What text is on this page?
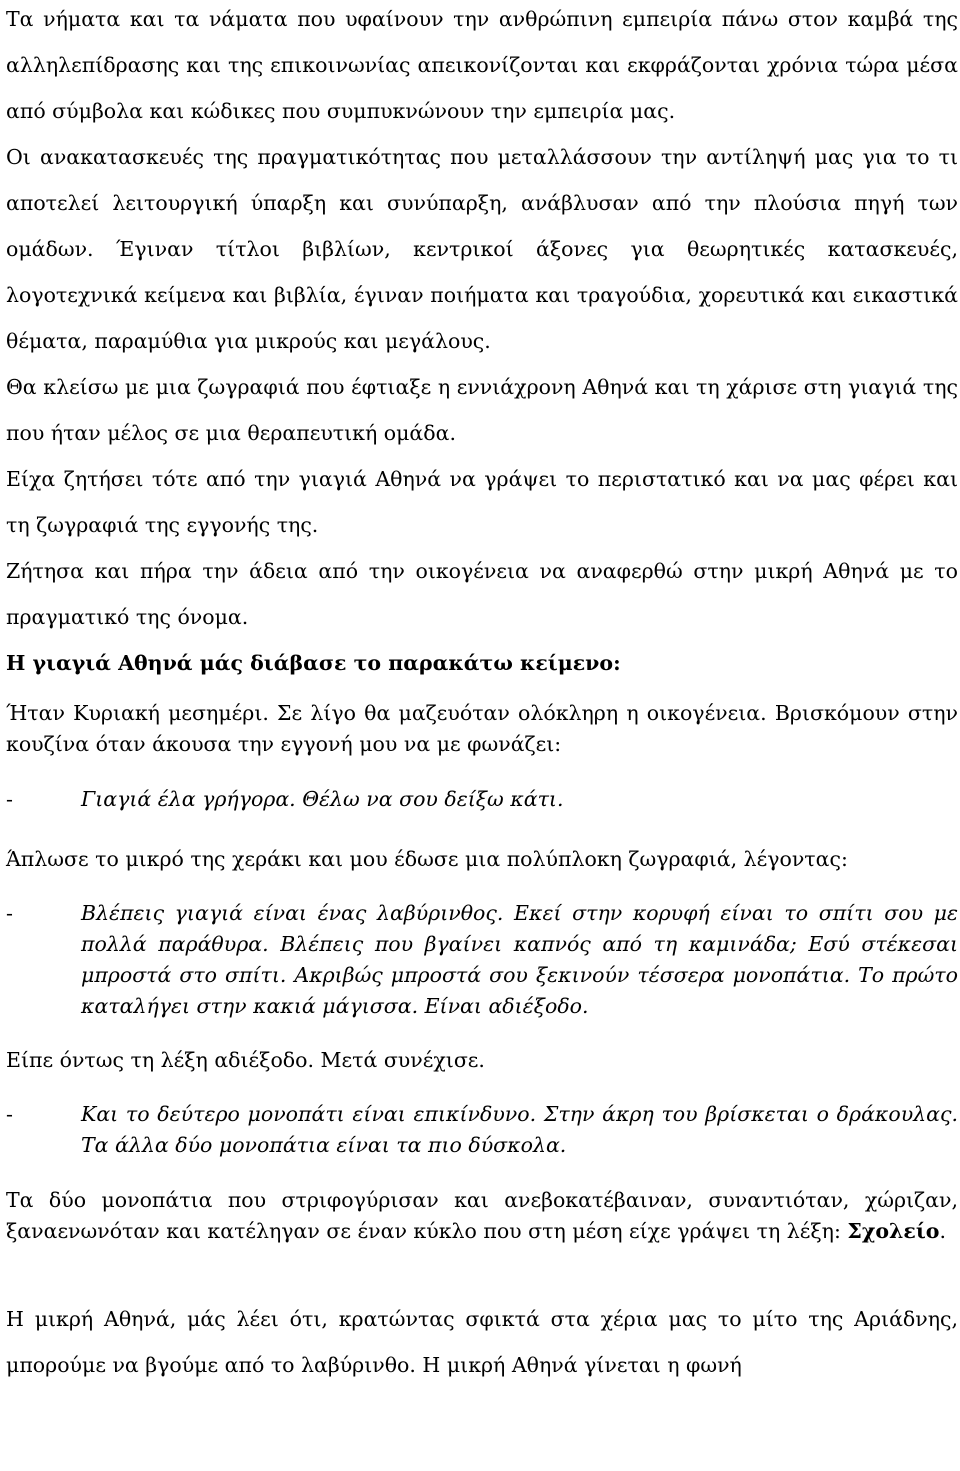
Τα νήματα και τα νάματα που υφαίνουν την ανθρώπινη εμπειρία πάνω στον καμβά της αλληλεπίδρασης και της επικοινωνίας απεικονίζονται και εκφράζονται χρόνια τώρα μέσα από σύμβολα και κώδικες που συμπυκνώνουν την εμπειρία μας.

Οι ανακατασκευές της πραγματικότητας που μεταλλάσσουν την αντίληψή μας για το τι αποτελεί λειτουργική ύπαρξη και συνύπαρξη, ανάβλυσαν από την πλούσια πηγή των ομάδων. Έγιναν τίτλοι βιβλίων, κεντρικοί άξονες για θεωρητικές κατασκευές, λογοτεχνικά κείμενα και βιβλία, έγιναν ποιήματα και τραγούδια, χορευτικά και εικαστικά θέματα, παραμύθια για μικρούς και μεγάλους.

Θα κλείσω με μια ζωγραφιά που έφτιαξε η εννιάχρονη Αθηνά και τη χάρισε στη γιαγιά της που ήταν μέλος σε μια θεραπευτική ομάδα.

Είχα ζητήσει τότε από την γιαγιά Αθηνά να γράψει το περιστατικό και να μας φέρει και τη ζωγραφιά της εγγονής της.

Ζήτησα και πήρα την άδεια από την οικογένεια να αναφερθώ στην μικρή Αθηνά με το πραγματικό της όνομα.

Η γιαγιά Αθηνά μάς διάβασε το παρακάτω κείμενο:

Ήταν Κυριακή μεσημέρι. Σε λίγο θα μαζευόταν ολόκληρη η οικογένεια. Βρισκόμουν στην κουζίνα όταν άκουσα την εγγονή μου να με φωνάζει:

-	Γιαγιά έλα γρήγορα. Θέλω να σου δείξω κάτι.

Άπλωσε το μικρό της χεράκι και μου έδωσε μια πολύπλοκη ζωγραφιά, λέγοντας:

-	Βλέπεις γιαγιά είναι ένας λαβύρινθος. Εκεί στην κορυφή είναι το σπίτι σου με πολλά παράθυρα. Βλέπεις που βγαίνει καπνός από τη καμινάδα; Εσύ στέκεσαι μπροστά στο σπίτι. Ακριβώς μπροστά σου ξεκινούν τέσσερα μονοπάτια. Το πρώτο καταλήγει στην κακιά μάγισσα. Είναι αδιέξοδο.

Είπε όντως τη λέξη αδιέξοδο. Μετά συνέχισε.

-	Και το δεύτερο μονοπάτι είναι επικίνδυνο. Στην άκρη του βρίσκεται ο δράκουλας. Τα άλλα δύο μονοπάτια είναι τα πιο δύσκολα.

Τα δύο μονοπάτια που στριφογύρισαν και ανεβοκατέβαιναν, συναντιόταν, χώριζαν, ξαναενωνόταν και κατέληγαν σε έναν κύκλο που στη μέση είχε γράψει τη λέξη: Σχολείο.

Η μικρή Αθηνά, μάς λέει ότι, κρατώντας σφικτά στα χέρια μας το μίτο της Αριάδνης, μπορούμε να βγούμε από το λαβύρινθο. Η μικρή Αθηνά γίνεται η φωνή
